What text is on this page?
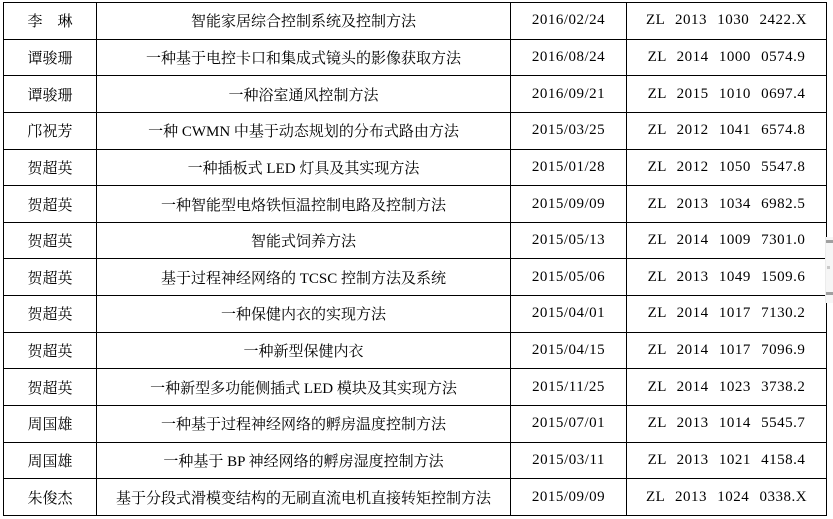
李　琳	智能家居综合控制系统及控制方法	2016/02/24	ZL 2013 1030 2422.X
谭骏珊	一种基于电控卡口和集成式镜头的影像获取方法	2016/08/24	ZL 2014 1000 0574.9
谭骏珊	一种浴室通风控制方法	2016/09/21	ZL 2015 1010 0697.4
邝祝芳	一种 CWMN 中基于动态规划的分布式路由方法	2015/03/25	ZL 2012 1041 6574.8
贺超英	一种插板式 LED 灯具及其实现方法	2015/01/28	ZL 2012 1050 5547.8
贺超英	一种智能型电烙铁恒温控制电路及控制方法	2015/09/09	ZL 2013 1034 6982.5
贺超英	智能式饲养方法	2015/05/13	ZL 2014 1009 7301.0
贺超英	基于过程神经网络的 TCSC 控制方法及系统	2015/05/06	ZL 2013 1049 1509.6
贺超英	一种保健内衣的实现方法	2015/04/01	ZL 2014 1017 7130.2
贺超英	一种新型保健内衣	2015/04/15	ZL 2014 1017 7096.9
贺超英	一种新型多功能侧插式 LED 模块及其实现方法	2015/11/25	ZL 2014 1023 3738.2
周国雄	一种基于过程神经网络的孵房温度控制方法	2015/07/01	ZL 2013 1014 5545.7
周国雄	一种基于 BP 神经网络的孵房湿度控制方法	2015/03/11	ZL 2013 1021 4158.4
朱俊杰	基于分段式滑模变结构的无刷直流电机直接转矩控制方法	2015/09/09	ZL 2013 1024 0338.X
